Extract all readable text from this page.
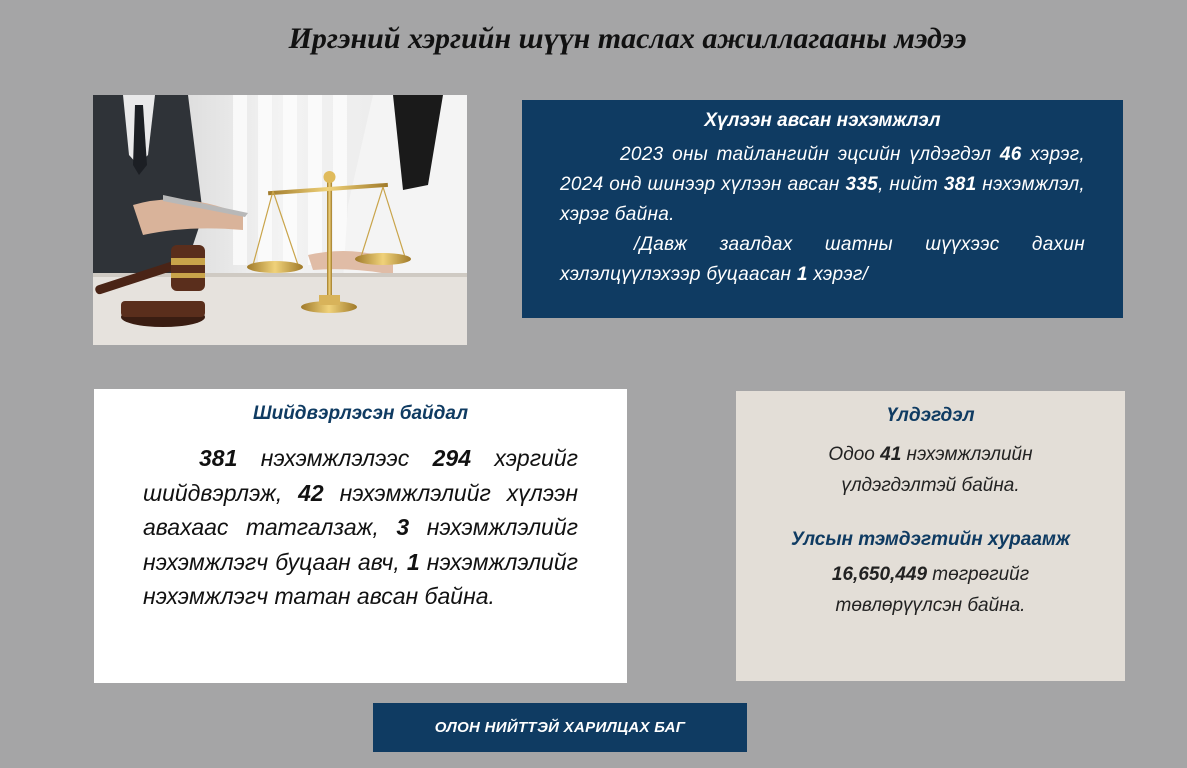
Иргэний хэргийн шүүн таслах ажиллагааны мэдээ
Хүлээн авсан нэхэмжлэл
2023 оны тайлангийн эцсийн үлдэгдэл 46 хэрэг, 2024 онд шинээр хүлээн авсан 335, нийт 381 нэхэмжлэл, хэрэг байна.
/Давж заалдах шатны шүүхээс дахин хэлэлцүүлэхээр буцаасан 1 хэрэг/
Шийдвэрлэсэн байдал
381 нэхэмжлэлээс 294 хэргийг шийдвэрлэж, 42 нэхэмжлэлийг хүлээн авахаас татгалзаж, 3 нэхэмжлэлийг нэхэмжлэгч буцаан авч, 1 нэхэмжлэлийг нэхэмжлэгч татан авсан байна.
Үлдэгдэл
Одоо 41 нэхэмжлэлийн
үлдэгдэлтэй байна.
Улсын тэмдэгтийн хураамж
16,650,449 төгрөгийг
төвлөрүүлсэн байна.
ОЛОН НИЙТТЭЙ ХАРИЛЦАХ БАГ
